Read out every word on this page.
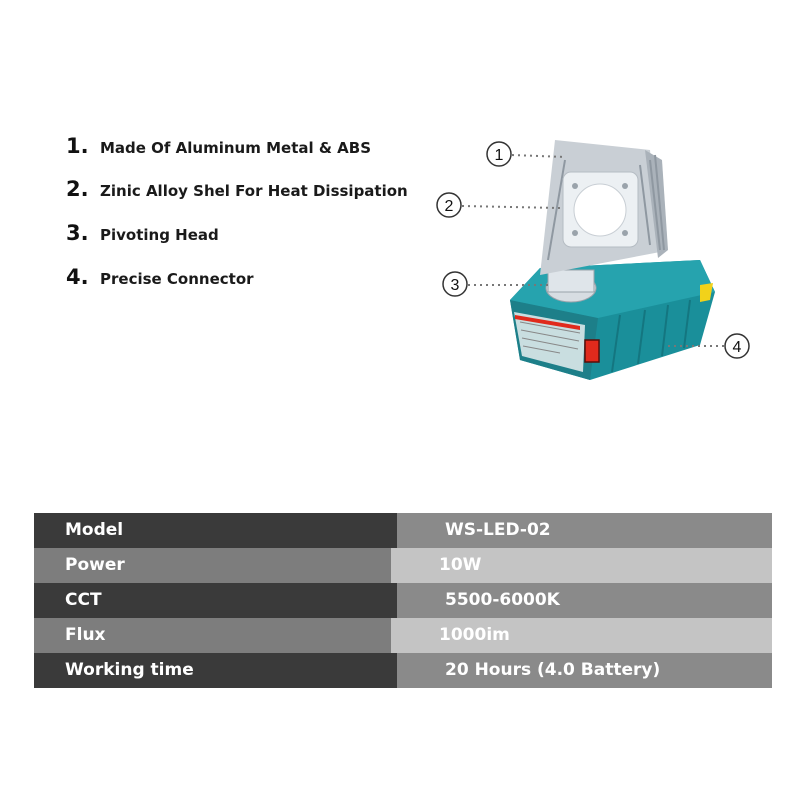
1. Made Of Aluminum Metal & ABS
2. Zinic Alloy Shel For Heat Dissipation
3. Pivoting Head
4. Precise Connector
1
2
3
4
Model	WS-LED-02
Power	10W
CCT	5500-6000K
Flux	1000im
Working time	20 Hours (4.0 Battery)
